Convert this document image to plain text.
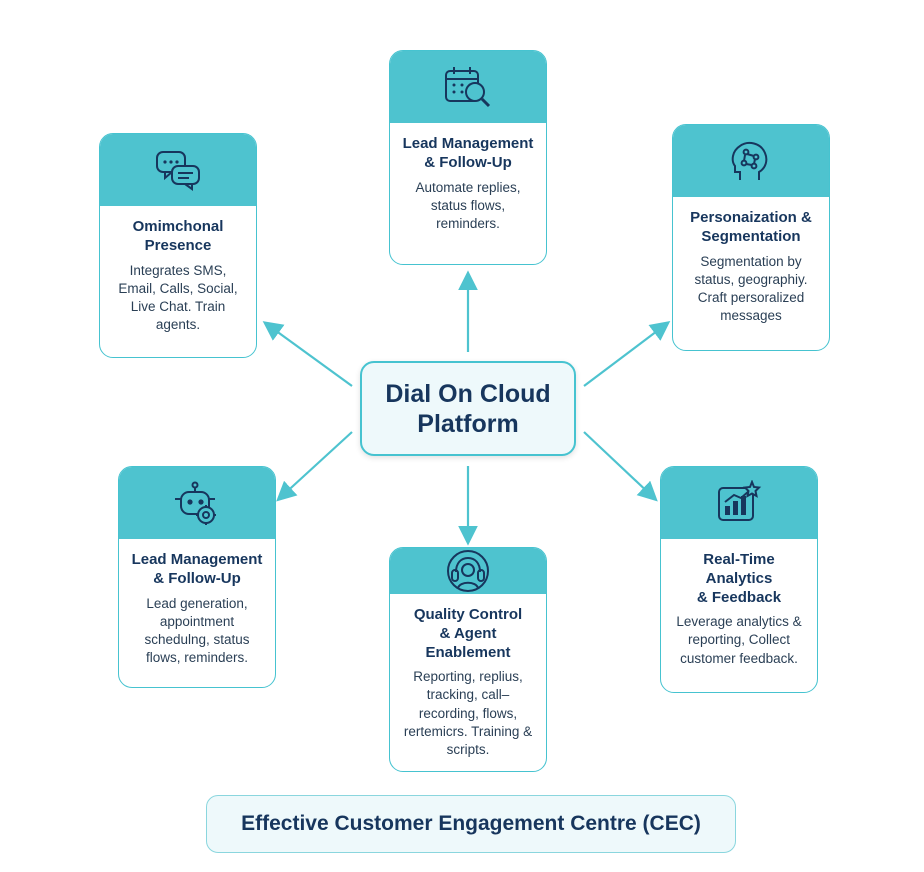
Omimchonal
Presence
Integrates SMS, Email, Calls, Social, Live Chat. Train agents.
Lead Management
& Follow-Up
Automate replies, status flows, reminders.	Personaization &
Segmentation
Segmentation by status, geographiy. Craft persoralized messages
Lead Management
& Follow-Up
Lead generation, appointment schedulng, status flows, reminders.
Quality Control
& Agent Enablement
Reporting, replius, tracking, call–recording, flows, rertemicrs. Training & scripts.
Real-Time Analytics
& Feedback
Leverage analytics & reporting, Collect customer feedback.
Dial On Cloud
Platform
Effective Customer Engagement Centre (CEC)
